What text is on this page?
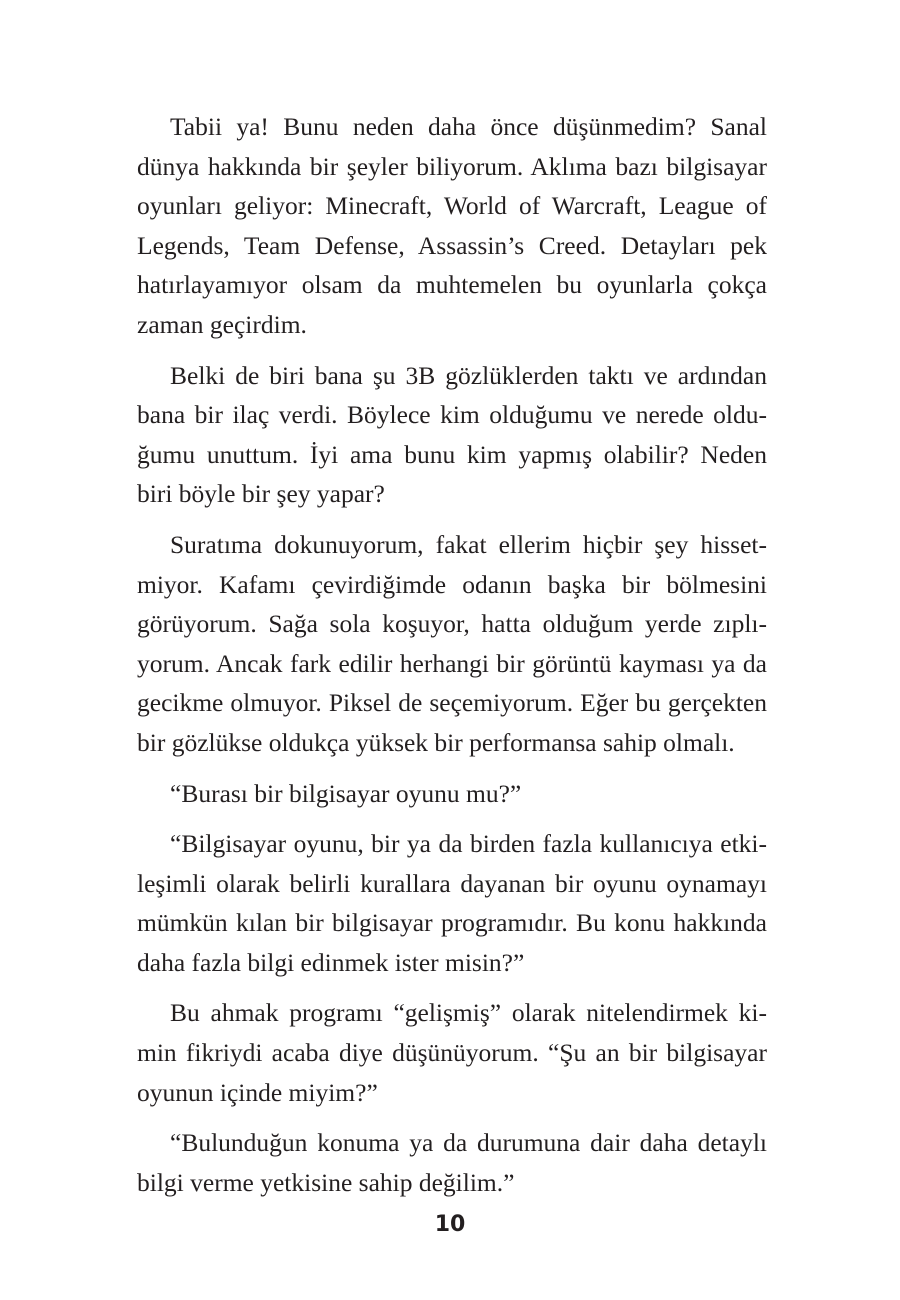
Tabii ya! Bunu neden daha önce düşünmedim? Sanal
dünya hakkında bir şeyler biliyorum. Aklıma bazı bilgisayar
oyunları geliyor: Minecraft, World of Warcraft, League of
Legends, Team Defense, Assassin’s Creed. Detayları pek
hatırlayamıyor olsam da muhtemelen bu oyunlarla çokça
zaman geçirdim.

Belki de biri bana şu 3B gözlüklerden taktı ve ardından
bana bir ilaç verdi. Böylece kim olduğumu ve nerede oldu-
ğumu unuttum. İyi ama bunu kim yapmış olabilir? Neden
biri böyle bir şey yapar?

Suratıma dokunuyorum, fakat ellerim hiçbir şey hisset-
miyor. Kafamı çevirdiğimde odanın başka bir bölmesini
görüyorum. Sağa sola koşuyor, hatta olduğum yerde zıplı-
yorum. Ancak fark edilir herhangi bir görüntü kayması ya da
gecikme olmuyor. Piksel de seçemiyorum. Eğer bu gerçekten
bir gözlükse oldukça yüksek bir performansa sahip olmalı.

“Burası bir bilgisayar oyunu mu?”

“Bilgisayar oyunu, bir ya da birden fazla kullanıcıya etki-
leşimli olarak belirli kurallara dayanan bir oyunu oynamayı
mümkün kılan bir bilgisayar programıdır. Bu konu hakkında
daha fazla bilgi edinmek ister misin?”

Bu ahmak programı “gelişmiş” olarak nitelendirmek ki-
min fikriydi acaba diye düşünüyorum. “Şu an bir bilgisayar
oyunun içinde miyim?”

“Bulunduğun konuma ya da durumuna dair daha detaylı
bilgi verme yetkisine sahip değilim.”

10
